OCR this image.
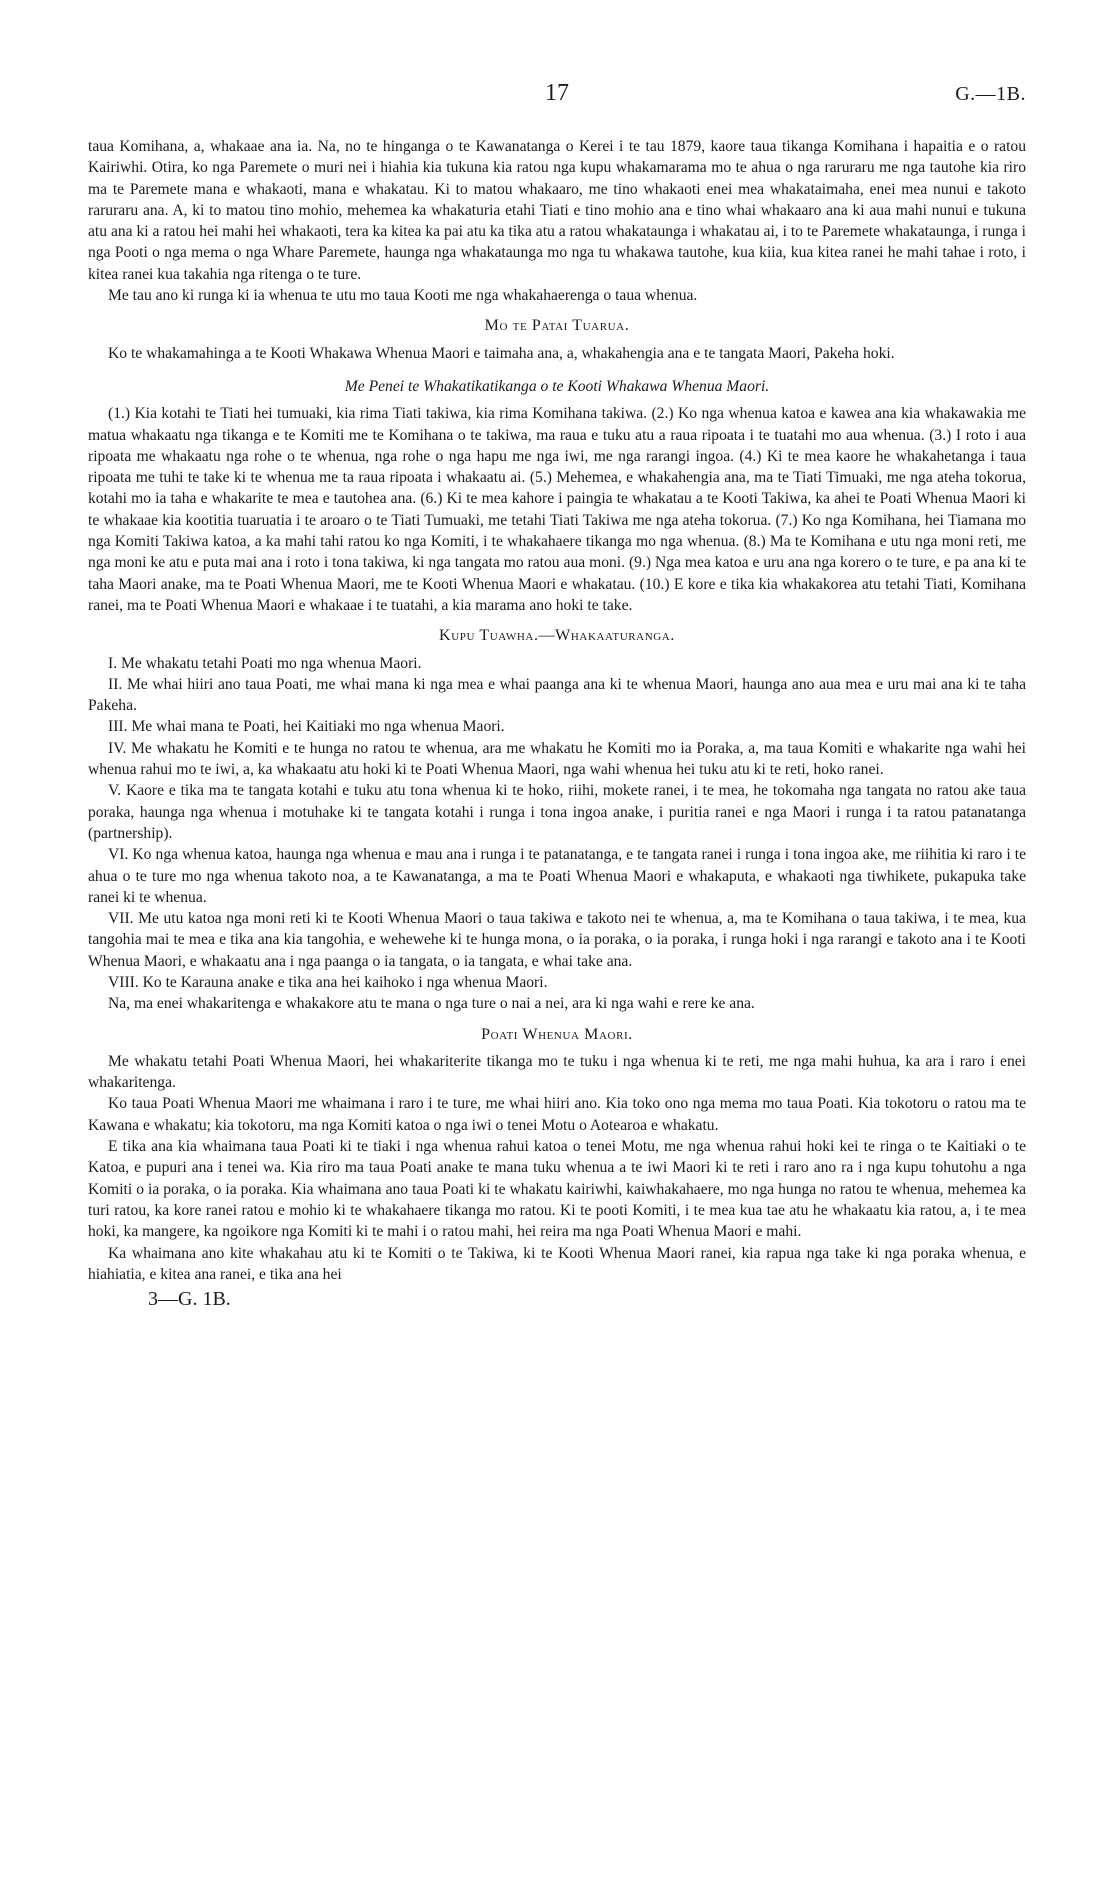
17	G.—1B.

taua Komihana, a, whakaae ana ia. Na, no te hinganga o te Kawanatanga o Kerei i te tau 1879, kaore taua tikanga Komihana i hapaitia e o ratou Kairiwhi. Otira, ko nga Paremete o muri nei i hiahia kia tukuna kia ratou nga kupu whakamarama mo te ahua o nga raruraru me nga tautohe kia riro ma te Paremete mana e whakaoti, mana e whakatau. Ki to matou whakaaro, me tino whakaoti enei mea whakataimaha, enei mea nunui e takoto raruraru ana. A, ki to matou tino mohio, mehemea ka whakaturia etahi Tiati e tino mohio ana e tino whai whakaaro ana ki aua mahi nunui e tukuna atu ana ki a ratou hei mahi hei whakaoti, tera ka kitea ka pai atu ka tika atu a ratou whakataunga i whakatau ai, i to te Paremete whakataunga, i runga i nga Pooti o nga mema o nga Whare Paremete, haunga nga whakataunga mo nga tu whakawa tautohe, kua kiia, kua kitea ranei he mahi tahae i roto, i kitea ranei kua takahia nga ritenga o te ture.

Me tau ano ki runga ki ia whenua te utu mo taua Kooti me nga whakahaerenga o taua whenua.

Mo te Patai Tuarua.

Ko te whakamahinga a te Kooti Whakawa Whenua Maori e taimaha ana, a, whakahengia ana e te tangata Maori, Pakeha hoki.

Me Penei te Whakatikatikanga o te Kooti Whakawa Whenua Maori.

(1.) Kia kotahi te Tiati hei tumuaki, kia rima Tiati takiwa, kia rima Komihana takiwa. (2.) Ko nga whenua katoa e kawea ana kia whakawakia me matua whakaatu nga tikanga e te Komiti me te Komihana o te takiwa, ma raua e tuku atu a raua ripoata i te tuatahi mo aua whenua. (3.) I roto i aua ripoata me whakaatu nga rohe o te whenua, nga rohe o nga hapu me nga iwi, me nga rarangi ingoa. (4.) Ki te mea kaore he whakahetanga i taua ripoata me tuhi te take ki te whenua me ta raua ripoata i whakaatu ai. (5.) Mehemea, e whakahengia ana, ma te Tiati Timuaki, me nga ateha tokorua, kotahi mo ia taha e whakarite te mea e tautohea ana. (6.) Ki te mea kahore i paingia te whakatau a te Kooti Takiwa, ka ahei te Poati Whenua Maori ki te whakaae kia kootitia tuaruatia i te aroaro o te Tiati Tumuaki, me tetahi Tiati Takiwa me nga ateha tokorua. (7.) Ko nga Komihana, hei Tiamana mo nga Komiti Takiwa katoa, a ka mahi tahi ratou ko nga Komiti, i te whakahaere tikanga mo nga whenua. (8.) Ma te Komihana e utu nga moni reti, me nga moni ke atu e puta mai ana i roto i tona takiwa, ki nga tangata mo ratou aua moni. (9.) Nga mea katoa e uru ana nga korero o te ture, e pa ana ki te taha Maori anake, ma te Poati Whenua Maori, me te Kooti Whenua Maori e whakatau. (10.) E kore e tika kia whakakorea atu tetahi Tiati, Komihana ranei, ma te Poati Whenua Maori e whakaae i te tuatahi, a kia marama ano hoki te take.

Kupu Tuawha.—Whakaaturanga.

I. Me whakatu tetahi Poati mo nga whenua Maori.

II. Me whai hiiri ano taua Poati, me whai mana ki nga mea e whai paanga ana ki te whenua Maori, haunga ano aua mea e uru mai ana ki te taha Pakeha.

III. Me whai mana te Poati, hei Kaitiaki mo nga whenua Maori.

IV. Me whakatu he Komiti e te hunga no ratou te whenua, ara me whakatu he Komiti mo ia Poraka, a, ma taua Komiti e whakarite nga wahi hei whenua rahui mo te iwi, a, ka whakaatu atu hoki ki te Poati Whenua Maori, nga wahi whenua hei tuku atu ki te reti, hoko ranei.

V. Kaore e tika ma te tangata kotahi e tuku atu tona whenua ki te hoko, riihi, mokete ranei, i te mea, he tokomaha nga tangata no ratou ake taua poraka, haunga nga whenua i motuhake ki te tangata kotahi i runga i tona ingoa anake, i puritia ranei e nga Maori i runga i ta ratou patanatanga (partnership).

VI. Ko nga whenua katoa, haunga nga whenua e mau ana i runga i te patanatanga, e te tangata ranei i runga i tona ingoa ake, me riihitia ki raro i te ahua o te ture mo nga whenua takoto noa, a te Kawanatanga, a ma te Poati Whenua Maori e whakaputa, e whakaoti nga tiwhikete, pukapuka take ranei ki te whenua.

VII. Me utu katoa nga moni reti ki te Kooti Whenua Maori o taua takiwa e takoto nei te whenua, a, ma te Komihana o taua takiwa, i te mea, kua tangohia mai te mea e tika ana kia tangohia, e wehewehe ki te hunga mona, o ia poraka, o ia poraka, i runga hoki i nga rarangi e takoto ana i te Kooti Whenua Maori, e whakaatu ana i nga paanga o ia tangata, o ia tangata, e whai take ana.

VIII. Ko te Karauna anake e tika ana hei kaihoko i nga whenua Maori.

Na, ma enei whakaritenga e whakakore atu te mana o nga ture o nai a nei, ara ki nga wahi e rere ke ana.

Poati Whenua Maori.

Me whakatu tetahi Poati Whenua Maori, hei whakariterite tikanga mo te tuku i nga whenua ki te reti, me nga mahi huhua, ka ara i raro i enei whakaritenga.

Ko taua Poati Whenua Maori me whaimana i raro i te ture, me whai hiiri ano. Kia toko ono nga mema mo taua Poati. Kia tokotoru o ratou ma te Kawana e whakatu; kia tokotoru, ma nga Komiti katoa o nga iwi o tenei Motu o Aotearoa e whakatu.

E tika ana kia whaimana taua Poati ki te tiaki i nga whenua rahui katoa o tenei Motu, me nga whenua rahui hoki kei te ringa o te Kaitiaki o te Katoa, e pupuri ana i tenei wa. Kia riro ma taua Poati anake te mana tuku whenua a te iwi Maori ki te reti i raro ano ra i nga kupu tohutohu a nga Komiti o ia poraka, o ia poraka. Kia whaimana ano taua Poati ki te whakatu kairiwhi, kaiwhakahaere, mo nga hunga no ratou te whenua, mehemea ka turi ratou, ka kore ranei ratou e mohio ki te whakahaere tikanga mo ratou. Ki te pooti Komiti, i te mea kua tae atu he whakaatu kia ratou, a, i te mea hoki, ka mangere, ka ngoikore nga Komiti ki te mahi i o ratou mahi, hei reira ma nga Poati Whenua Maori e mahi.

Ka whaimana ano kite whakahau atu ki te Komiti o te Takiwa, ki te Kooti Whenua Maori ranei, kia rapua nga take ki nga poraka whenua, e hiahiatia, e kitea ana ranei, e tika ana hei

3—G. 1B.
